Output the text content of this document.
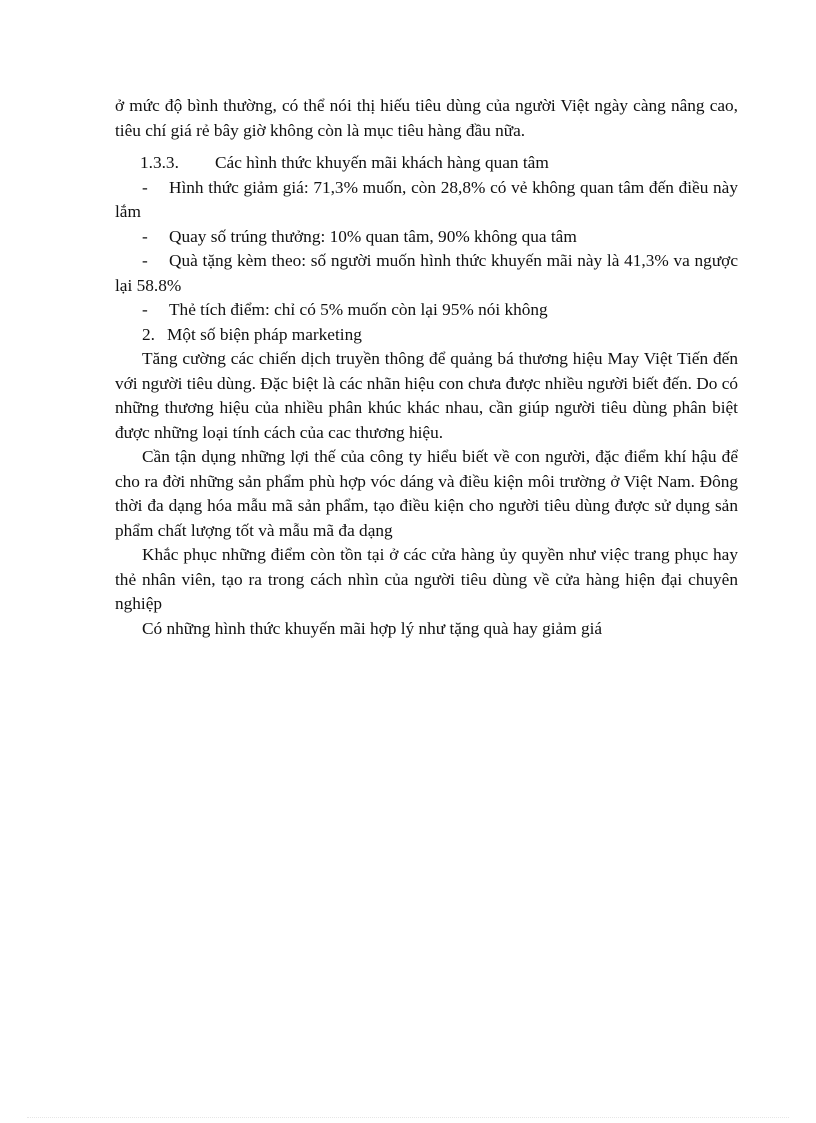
ở mức độ bình thường, có thể nói thị hiếu tiêu dùng của người Việt ngày càng nâng cao, tiêu chí giá rẻ bây giờ không còn là mục tiêu hàng đầu nữa.

1.3.3.	Các hình thức khuyến mãi khách hàng quan tâm

- Hình thức giảm giá: 71,3% muốn, còn 28,8% có vẻ không quan tâm đến điều này lắm

- Quay số trúng thưởng: 10% quan tâm, 90% không qua tâm

- Quà tặng kèm theo: số người muốn hình thức khuyến mãi này là 41,3% va ngược lại 58.8%

- Thẻ tích điểm: chỉ có 5% muốn còn lại 95% nói không

2. Một số biện pháp marketing

Tăng cường các chiến dịch truyền thông để quảng bá thương hiệu May Việt Tiến đến với người tiêu dùng. Đặc biệt là các nhãn hiệu con chưa được nhiều người biết đến. Do có những thương hiệu của nhiều phân khúc khác nhau, cần giúp người tiêu dùng phân biệt được những loại tính cách của cac thương hiệu.

Cần tận dụng những lợi thế của công ty hiểu biết về con người, đặc điểm khí hậu để cho ra đời những sản phẩm phù hợp vóc dáng và điều kiện môi trường ở Việt Nam. Đông thời đa dạng hóa mẫu mã sản phẩm, tạo điều kiện cho người tiêu dùng được sử dụng sản phẩm chất lượng tốt và mẫu mã đa dạng

Khắc phục những điểm còn tồn tại ở các cửa hàng ủy quyền như việc trang phục hay thẻ nhân viên, tạo ra trong cách nhìn của người tiêu dùng về cửa hàng hiện đại chuyên nghiệp

Có những hình thức khuyến mãi hợp lý như tặng quà hay giảm giá
